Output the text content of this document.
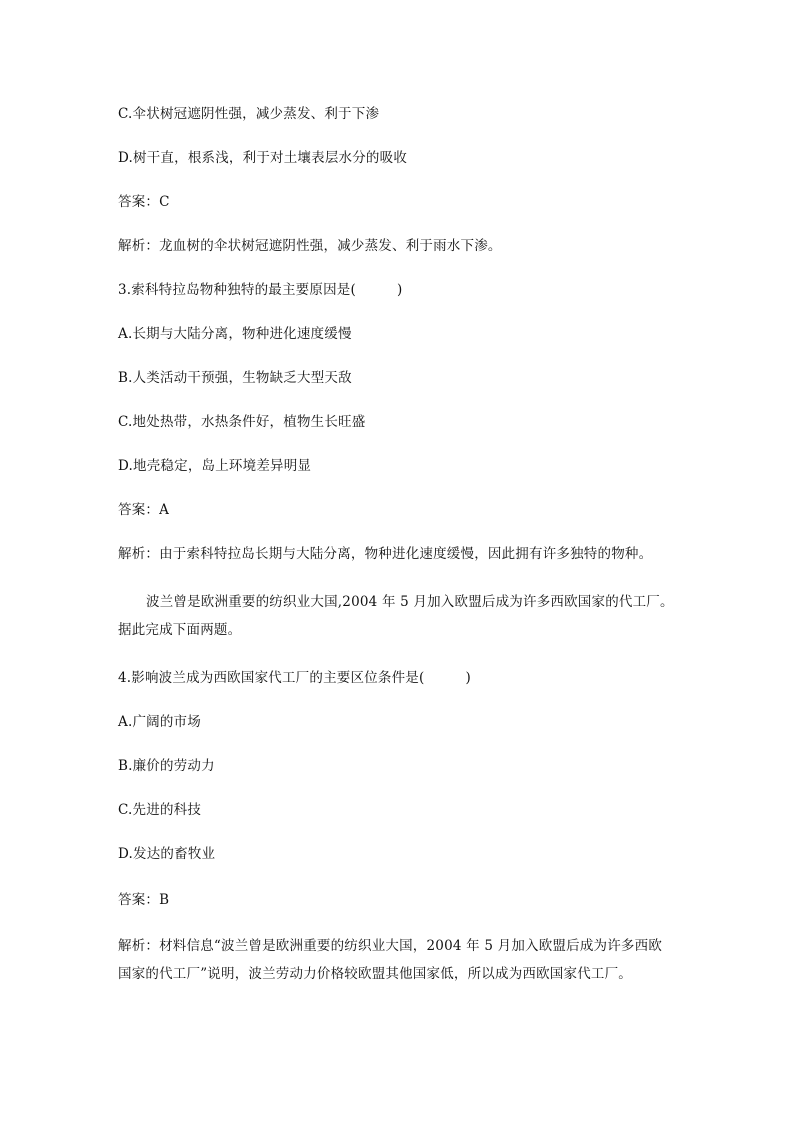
C.伞状树冠遮阴性强，减少蒸发、利于下渗
D.树干直，根系浅，利于对土壤表层水分的吸收
答案：C
解析：龙血树的伞状树冠遮阴性强，减少蒸发、利于雨水下渗。
3.索科特拉岛物种独特的最主要原因是(　　　)
A.长期与大陆分离，物种进化速度缓慢
B.人类活动干预强，生物缺乏大型天敌
C.地处热带，水热条件好，植物生长旺盛
D.地壳稳定，岛上环境差异明显
答案：A
解析：由于索科特拉岛长期与大陆分离，物种进化速度缓慢，因此拥有许多独特的物种。
波兰曾是欧洲重要的纺织业大国,2004 年 5 月加入欧盟后成为许多西欧国家的代工厂。
据此完成下面两题。
4.影响波兰成为西欧国家代工厂的主要区位条件是(　　　)
A.广阔的市场
B.廉价的劳动力
C.先进的科技
D.发达的畜牧业
答案：B
解析：材料信息“波兰曾是欧洲重要的纺织业大国，2004 年 5 月加入欧盟后成为许多西欧
国家的代工厂”说明，波兰劳动力价格较欧盟其他国家低，所以成为西欧国家代工厂。
